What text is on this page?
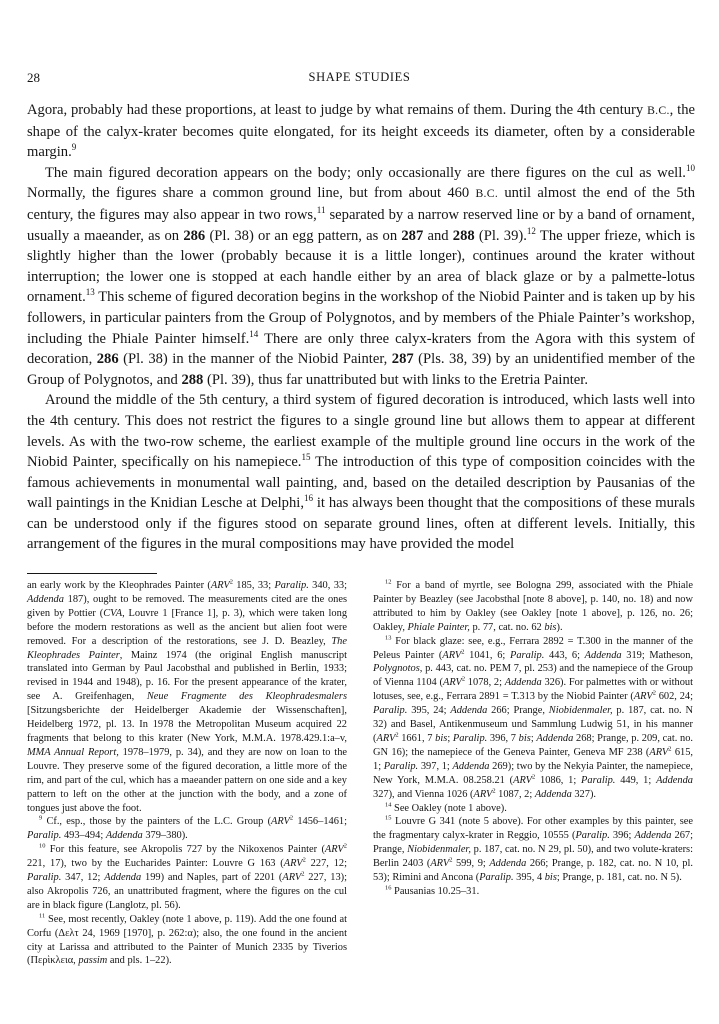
28	SHAPE STUDIES

Agora, probably had these proportions, at least to judge by what remains of them. During the 4th century B.C., the shape of the calyx-krater becomes quite elongated, for its height exceeds its diameter, often by a considerable margin.$^9$

The main figured decoration appears on the body; only occasionally are there figures on the cul as well.$^{10}$ Normally, the figures share a common ground line, but from about 460 B.C. until almost the end of the 5th century, the figures may also appear in two rows,$^{11}$ separated by a narrow reserved line or by a band of ornament, usually a maeander, as on 286 (Pl. 38) or an egg pattern, as on 287 and 288 (Pl. 39).$^{12}$ The upper frieze, which is slightly higher than the lower (probably because it is a little longer), continues around the krater without interruption; the lower one is stopped at each handle either by an area of black glaze or by a palmette-lotus ornament.$^{13}$ This scheme of figured decoration begins in the workshop of the Niobid Painter and is taken up by his followers, in particular painters from the Group of Polygnotos, and by members of the Phiale Painter’s workshop, including the Phiale Painter himself.$^{14}$ There are only three calyx-kraters from the Agora with this system of decoration, 286 (Pl. 38) in the manner of the Niobid Painter, 287 (Pls. 38, 39) by an unidentified member of the Group of Polygnotos, and 288 (Pl. 39), thus far unattributed but with links to the Eretria Painter.

Around the middle of the 5th century, a third system of figured decoration is introduced, which lasts well into the 4th century. This does not restrict the figures to a single ground line but allows them to appear at different levels. As with the two-row scheme, the earliest example of the multiple ground line occurs in the work of the Niobid Painter, specifically on his namepiece.$^{15}$ The introduction of this type of composition coincides with the famous achievements in monumental wall painting, and, based on the detailed description by Pausanias of the wall paintings in the Knidian Lesche at Delphi,$^{16}$ it has always been thought that the compositions of these murals can be understood only if the figures stood on separate ground lines, often at different levels. Initially, this arrangement of the figures in the mural compositions may have provided the model

an early work by the Kleophrades Painter (ARV$^2$ 185, 33; Paralip. 340, 33; Addenda 187), ought to be removed. The measurements cited are the ones given by Pottier (CVA, Louvre 1 [France 1], p. 3), which were taken long before the modern restorations as well as the ancient but alien foot were removed. For a description of the restorations, see J. D. Beazley, The Kleophrades Painter, Mainz 1974 (the original English manuscript translated into German by Paul Jacobsthal and published in Berlin, 1933; revised in 1944 and 1948), p. 16. For the present appearance of the krater, see A. Greifenhagen, Neue Fragmente des Kleophradesmalers [Sitzungsberichte der Heidelberger Akademie der Wissenschaften], Heidelberg 1972, pl. 13. In 1978 the Metropolitan Museum acquired 22 fragments that belong to this krater (New York, M.M.A. 1978.429.1:a–v, MMA Annual Report, 1978–1979, p. 34), and they are now on loan to the Louvre. They preserve some of the figured decoration, a little more of the rim, and part of the cul, which has a maeander pattern on one side and a key pattern to left on the other at the junction with the body, and a zone of tongues just above the foot.

$^9$ Cf., esp., those by the painters of the L.C. Group (ARV$^2$ 1456–1461; Paralip. 493–494; Addenda 379–380).

$^{10}$ For this feature, see Akropolis 727 by the Nikoxenos Painter (ARV$^2$ 221, 17), two by the Eucharides Painter: Louvre G 163 (ARV$^2$ 227, 12; Paralip. 347, 12; Addenda 199) and Naples, part of 2201 (ARV$^2$ 227, 13); also Akropolis 726, an unattributed fragment, where the figures on the cul are in black figure (Langlotz, pl. 56).

$^{11}$ See, most recently, Oakley (note 1 above, p. 119). Add the one found at Corfu (Δελτ 24, 1969 [1970], p. 262:α); also, the one found in the ancient city at Larissa and attributed to the Painter of Munich 2335 by Tiverios (Περὶκλεια, passim and pls. 1–22).

$^{12}$ For a band of myrtle, see Bologna 299, associated with the Phiale Painter by Beazley (see Jacobsthal [note 8 above], p. 140, no. 18) and now attributed to him by Oakley (see Oakley [note 1 above], p. 126, no. 26; Oakley, Phiale Painter, p. 77, cat. no. 62 bis).

$^{13}$ For black glaze: see, e.g., Ferrara 2892 = T.300 in the manner of the Peleus Painter (ARV$^2$ 1041, 6; Paralip. 443, 6; Addenda 319; Matheson, Polygnotos, p. 443, cat. no. PEM 7, pl. 253) and the namepiece of the Group of Vienna 1104 (ARV$^2$ 1078, 2; Addenda 326). For palmettes with or without lotuses, see, e.g., Ferrara 2891 = T.313 by the Niobid Painter (ARV$^2$ 602, 24; Paralip. 395, 24; Addenda 266; Prange, Niobidenmaler, p. 187, cat. no. N 32) and Basel, Antikenmuseum und Sammlung Ludwig 51, in his manner (ARV$^2$ 1661, 7 bis; Paralip. 396, 7 bis; Addenda 268; Prange, p. 209, cat. no. GN 16); the namepiece of the Geneva Painter, Geneva MF 238 (ARV$^2$ 615, 1; Paralip. 397, 1; Addenda 269); two by the Nekyia Painter, the namepiece, New York, M.M.A. 08.258.21 (ARV$^2$ 1086, 1; Paralip. 449, 1; Addenda 327), and Vienna 1026 (ARV$^2$ 1087, 2; Addenda 327).

$^{14}$ See Oakley (note 1 above).

$^{15}$ Louvre G 341 (note 5 above). For other examples by this painter, see the fragmentary calyx-krater in Reggio, 10555 (Paralip. 396; Addenda 267; Prange, Niobidenmaler, p. 187, cat. no. N 29, pl. 50), and two volute-kraters: Berlin 2403 (ARV$^2$ 599, 9; Addenda 266; Prange, p. 182, cat. no. N 10, pl. 53); Rimini and Ancona (Paralip. 395, 4 bis; Prange, p. 181, cat. no. N 5).

$^{16}$ Pausanias 10.25–31.
